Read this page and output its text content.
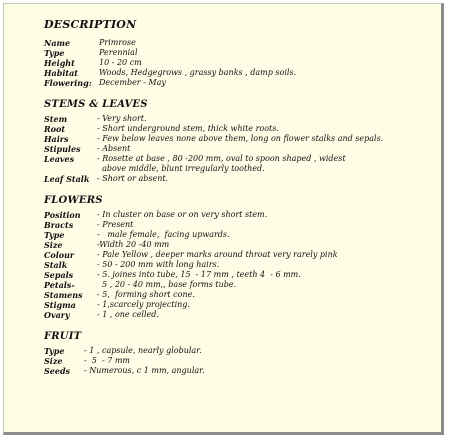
DESCRIPTION

Name	Primrose
Type	Perennial
Height	10 - 20 cm
Habitat	Woods, Hedgegrows , grassy banks , damp soils.
Flowering: December - May

STEMS & LEAVES

Stem	- Very short.
Root	- Short underground stem, thick white roots.
Hairs	- Few below leaves none above them, long on flower stalks and sepals.
Stipules	- Absent
Leaves	- Rosette at base , 80 -200 mm, oval to spoon shaped , widest
above middle, blunt irregularly toothed.
Leaf Stalk - Short or absent.

FLOWERS

Position	- In cluster on base or on very short stem.
Bracts	- Present
Type	-   male female,  facing upwards.
Size	-Width 20 -40 mm
Colour	- Pale Yellow , deeper marks around throat very rarely pink
Stalk	- 50 - 200 mm with long hairs.
Sepals	- 5. joines into tube, 15  - 17 mm , teeth 4  - 6 mm.
Petals-	5 , 20 - 40 mm,, base forms tube.
Stamens	- 5,  forming short cone.
Stigma	- 1,scarcely projecting.
Ovary	- 1 , one celled.

FRUIT

Type	- 1 , capsule, nearly globular.
Size	-  5  - 7 mm
Seeds	- Numerous, c 1 mm, angular.
